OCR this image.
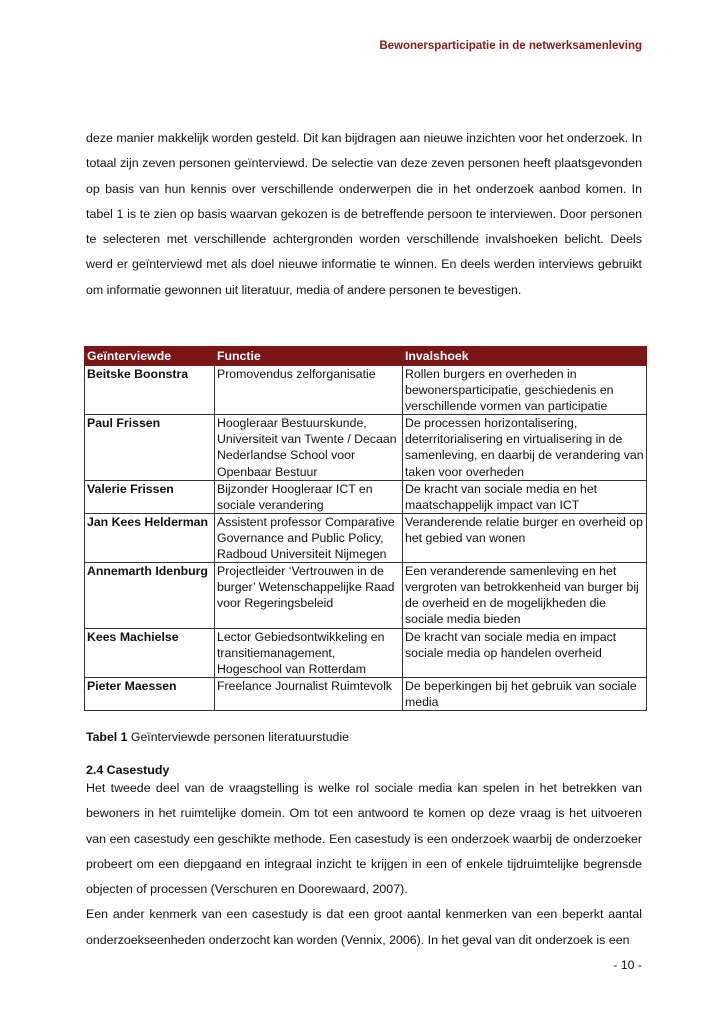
Bewonersparticipatie in de netwerksamenleving

deze manier makkelijk worden gesteld. Dit kan bijdragen aan nieuwe inzichten voor het onderzoek. In totaal zijn zeven personen geïnterviewd. De selectie van deze zeven personen heeft plaatsgevonden op basis van hun kennis over verschillende onderwerpen die in het onderzoek aanbod komen. In tabel 1 is te zien op basis waarvan gekozen is de betreffende persoon te interviewen. Door personen te selecteren met verschillende achtergronden worden verschillende invalshoeken belicht. Deels werd er geïnterviewd met als doel nieuwe informatie te winnen. En deels werden interviews gebruikt om informatie gewonnen uit literatuur, media of andere personen te bevestigen.

Geïnterviewde	Functie	Invalshoek
Beitske Boonstra	Promovendus zelforganisatie	Rollen burgers en overheden in bewonersparticipatie, geschiedenis en verschillende vormen van participatie
Paul Frissen	Hoogleraar Bestuurskunde, Universiteit van Twente / Decaan Nederlandse School voor Openbaar Bestuur	De processen horizontalisering, deterritorialisering en virtualisering in de samenleving, en daarbij de verandering van taken voor overheden
Valerie Frissen	Bijzonder Hoogleraar ICT en sociale verandering	De kracht van sociale media en het maatschappelijk impact van ICT
Jan Kees Helderman	Assistent professor Comparative Governance and Public Policy, Radboud Universiteit Nijmegen	Veranderende relatie burger en overheid op het gebied van wonen
Annemarth Idenburg	Projectleider ‘Vertrouwen in de burger’ Wetenschappelijke Raad voor Regeringsbeleid	Een veranderende samenleving en het vergroten van betrokkenheid van burger bij de overheid en de mogelijkheden die sociale media bieden
Kees Machielse	Lector Gebiedsontwikkeling en transitiemanagement, Hogeschool van Rotterdam	De kracht van sociale media en impact sociale media op handelen overheid
Pieter Maessen	Freelance Journalist Ruimtevolk	De beperkingen bij het gebruik van sociale media
Tabel 1 Geïnterviewde personen literatuurstudie
2.4 Casestudy

Het tweede deel van de vraagstelling is welke rol sociale media kan spelen in het betrekken van bewoners in het ruimtelijke domein. Om tot een antwoord te komen op deze vraag is het uitvoeren van een casestudy een geschikte methode. Een casestudy is een onderzoek waarbij de onderzoeker probeert om een diepgaand en integraal inzicht te krijgen in een of enkele tijdruimtelijke begrensde objecten of processen (Verschuren en Doorewaard, 2007).

Een ander kenmerk van een casestudy is dat een groot aantal kenmerken van een beperkt aantal onderzoekseenheden onderzocht kan worden (Vennix, 2006). In het geval van dit onderzoek is een

- 10 -
